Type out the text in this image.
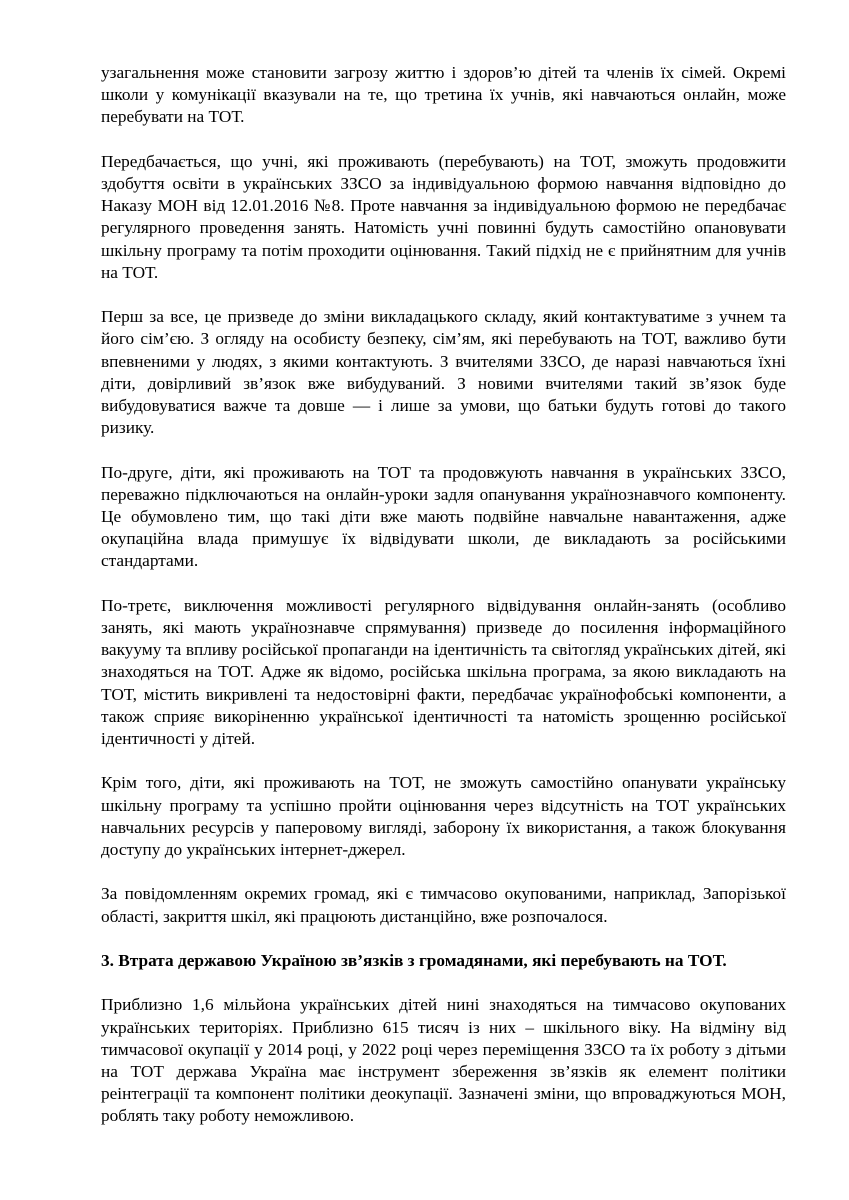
узагальнення може становити загрозу життю і здоров’ю дітей та членів їх сімей. Окремі школи у комунікації вказували на те, що третина їх учнів, які навчаються онлайн, може перебувати на ТОТ.

Передбачається, що учні, які проживають (перебувають) на ТОТ, зможуть продовжити здобуття освіти в українських ЗЗСО за індивідуальною формою навчання відповідно до Наказу МОН від 12.01.2016 №8. Проте навчання за індивідуальною формою не передбачає регулярного проведення занять. Натомість учні повинні будуть самостійно опановувати шкільну програму та потім проходити оцінювання. Такий підхід не є прийнятним для учнів на ТОТ.

Перш за все, це призведе до зміни викладацького складу, який контактуватиме з учнем та його сім’єю. З огляду на особисту безпеку, сім’ям, які перебувають на ТОТ, важливо бути впевненими у людях, з якими контактують. З вчителями ЗЗСО, де наразі навчаються їхні діти, довірливий зв’язок вже вибудуваний. З новими вчителями такий зв’язок буде вибудовуватися важче та довше — і лише за умови, що батьки будуть готові до такого ризику.

По-друге, діти, які проживають на ТОТ та продовжують навчання в українських ЗЗСО, переважно підключаються на онлайн-уроки задля опанування українознавчого компоненту. Це обумовлено тим, що такі діти вже мають подвійне навчальне навантаження, адже окупаційна влада примушує їх відвідувати школи, де викладають за російськими стандартами.

По-третє, виключення можливості регулярного відвідування онлайн-занять (особливо занять, які мають українознавче спрямування) призведе до посилення інформаційного вакууму та впливу російської пропаганди на ідентичність та світогляд українських дітей, які знаходяться на ТОТ. Адже як відомо, російська шкільна програма, за якою викладають на ТОТ, містить викривлені та недостовірні факти, передбачає українофобські компоненти, а також сприяє викоріненню української ідентичності та натомість зрощенню російської ідентичності у дітей.

Крім того, діти, які проживають на ТОТ, не зможуть самостійно опанувати українську шкільну програму та успішно пройти оцінювання через відсутність на ТОТ українських навчальних ресурсів у паперовому вигляді, заборону їх використання, а також блокування доступу до українських інтернет-джерел.

За повідомленням окремих громад, які є тимчасово окупованими, наприклад, Запорізької області, закриття шкіл, які працюють дистанційно, вже розпочалося.

3. Втрата державою Україною зв’язків з громадянами, які перебувають на ТОТ.

Приблизно 1,6 мільйона українських дітей нині знаходяться на тимчасово окупованих українських територіях. Приблизно 615 тисяч із них – шкільного віку. На відміну від тимчасової окупації у 2014 році, у 2022 році через переміщення ЗЗСО та їх роботу з дітьми на ТОТ держава Україна має інструмент збереження зв’язків як елемент політики реінтеграції та компонент політики деокупації. Зазначені зміни, що впроваджуються МОН, роблять таку роботу неможливою.
